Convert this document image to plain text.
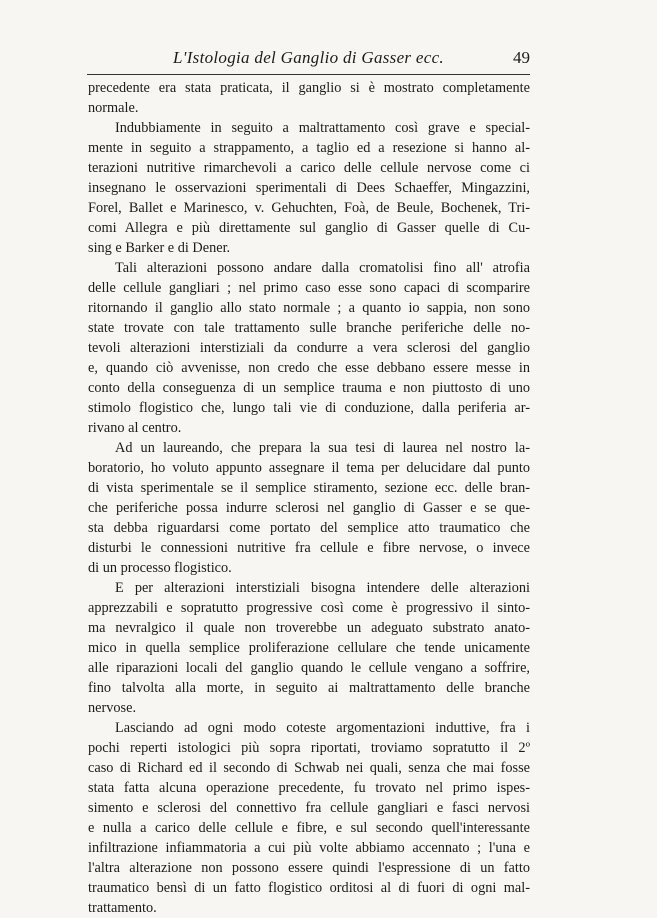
L'Istologia del Ganglio di Gasser ecc.	49

precedente era stata praticata, il ganglio si è mostrato completamente
normale.

Indubbiamente in seguito a maltrattamento così grave e special-
mente in seguito a strappamento, a taglio ed a resezione si hanno al-
terazioni nutritive rimarchevoli a carico delle cellule nervose come ci
insegnano le osservazioni sperimentali di Dees Schaeffer, Mingazzini,
Forel, Ballet e Marinesco, v. Gehuchten, Foà, de Beule, Bochenek, Tri-
comi Allegra e più direttamente sul ganglio di Gasser quelle di Cu-
sing e Barker e di Dener.

Tali alterazioni possono andare dalla cromatolisi fino all' atrofia
delle cellule gangliari ; nel primo caso esse sono capaci di scomparire
ritornando il ganglio allo stato normale ; a quanto io sappia, non sono
state trovate con tale trattamento sulle branche periferiche delle no-
tevoli alterazioni interstiziali da condurre a vera sclerosi del ganglio
e, quando ciò avvenisse, non credo che esse debbano essere messe in
conto della conseguenza di un semplice trauma e non piuttosto di uno
stimolo flogistico che, lungo tali vie di conduzione, dalla periferia ar-
rivano al centro.

Ad un laureando, che prepara la sua tesi di laurea nel nostro la-
boratorio, ho voluto appunto assegnare il tema per delucidare dal punto
di vista sperimentale se il semplice stiramento, sezione ecc. delle bran-
che periferiche possa indurre sclerosi nel ganglio di Gasser e se que-
sta debba riguardarsi come portato del semplice atto traumatico che
disturbi le connessioni nutritive fra cellule e fibre nervose, o invece
di un processo flogistico.

E per alterazioni interstiziali bisogna intendere delle alterazioni
apprezzabili e sopratutto progressive così come è progressivo il sinto-
ma nevralgico il quale non troverebbe un adeguato substrato anato-
mico in quella semplice proliferazione cellulare che tende unicamente
alle riparazioni locali del ganglio quando le cellule vengano a soffrire,
fino talvolta alla morte, in seguito ai maltrattamento delle branche
nervose.

Lasciando ad ogni modo coteste argomentazioni induttive, fra i
pochi reperti istologici più sopra riportati, troviamo sopratutto il 2º
caso di Richard ed il secondo di Schwab nei quali, senza che mai fosse
stata fatta alcuna operazione precedente, fu trovato nel primo ispes-
simento e sclerosi del connettivo fra cellule gangliari e fasci nervosi
e nulla a carico delle cellule e fibre, e sul secondo quell'interessante
infiltrazione infiammatoria a cui più volte abbiamo accennato ; l'una e
l'altra alterazione non possono essere quindi l'espressione di un fatto
traumatico bensì di un fatto flogistico orditosi al di fuori di ogni mal-
trattamento.
